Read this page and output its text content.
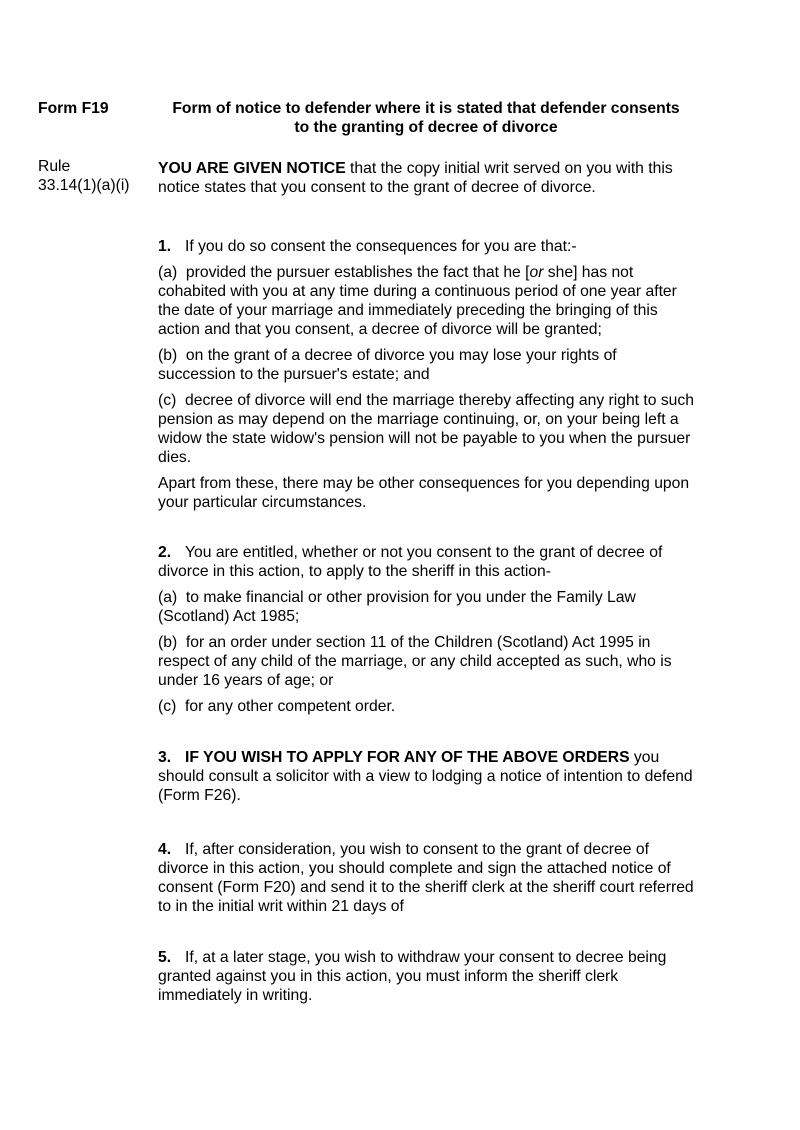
Form F19	Form of notice to defender where it is stated that defender consents
to the granting of decree of divorce
Rule
33.14(1)(a)(i)

YOU ARE GIVEN NOTICE that the copy initial writ served on you with this notice states that you consent to the grant of decree of divorce.

1. If you do so consent the consequences for you are that:-

(a)  provided the pursuer establishes the fact that he [or she] has not cohabited with you at any time during a continuous period of one year after the date of your marriage and immediately preceding the bringing of this action and that you consent, a decree of divorce will be granted;

(b)  on the grant of a decree of divorce you may lose your rights of succession to the pursuer's estate; and

(c)  decree of divorce will end the marriage thereby affecting any right to such pension as may depend on the marriage continuing, or, on your being left a widow the state widow's pension will not be payable to you when the pursuer dies.

Apart from these, there may be other consequences for you depending upon your particular circumstances.

2. You are entitled, whether or not you consent to the grant of decree of divorce in this action, to apply to the sheriff in this action-

(a)  to make financial or other provision for you under the Family Law (Scotland) Act 1985;

(b)  for an order under section 11 of the Children (Scotland) Act 1995 in respect of any child of the marriage, or any child accepted as such, who is under 16 years of age; or

(c)  for any other competent order.

3. IF YOU WISH TO APPLY FOR ANY OF THE ABOVE ORDERS you should consult a solicitor with a view to lodging a notice of intention to defend (Form F26).

4. If, after consideration, you wish to consent to the grant of decree of divorce in this action, you should complete and sign the attached notice of consent (Form F20) and send it to the sheriff clerk at the sheriff court referred to in the initial writ within 21 days of

5. If, at a later stage, you wish to withdraw your consent to decree being granted against you in this action, you must inform the sheriff clerk immediately in writing.
